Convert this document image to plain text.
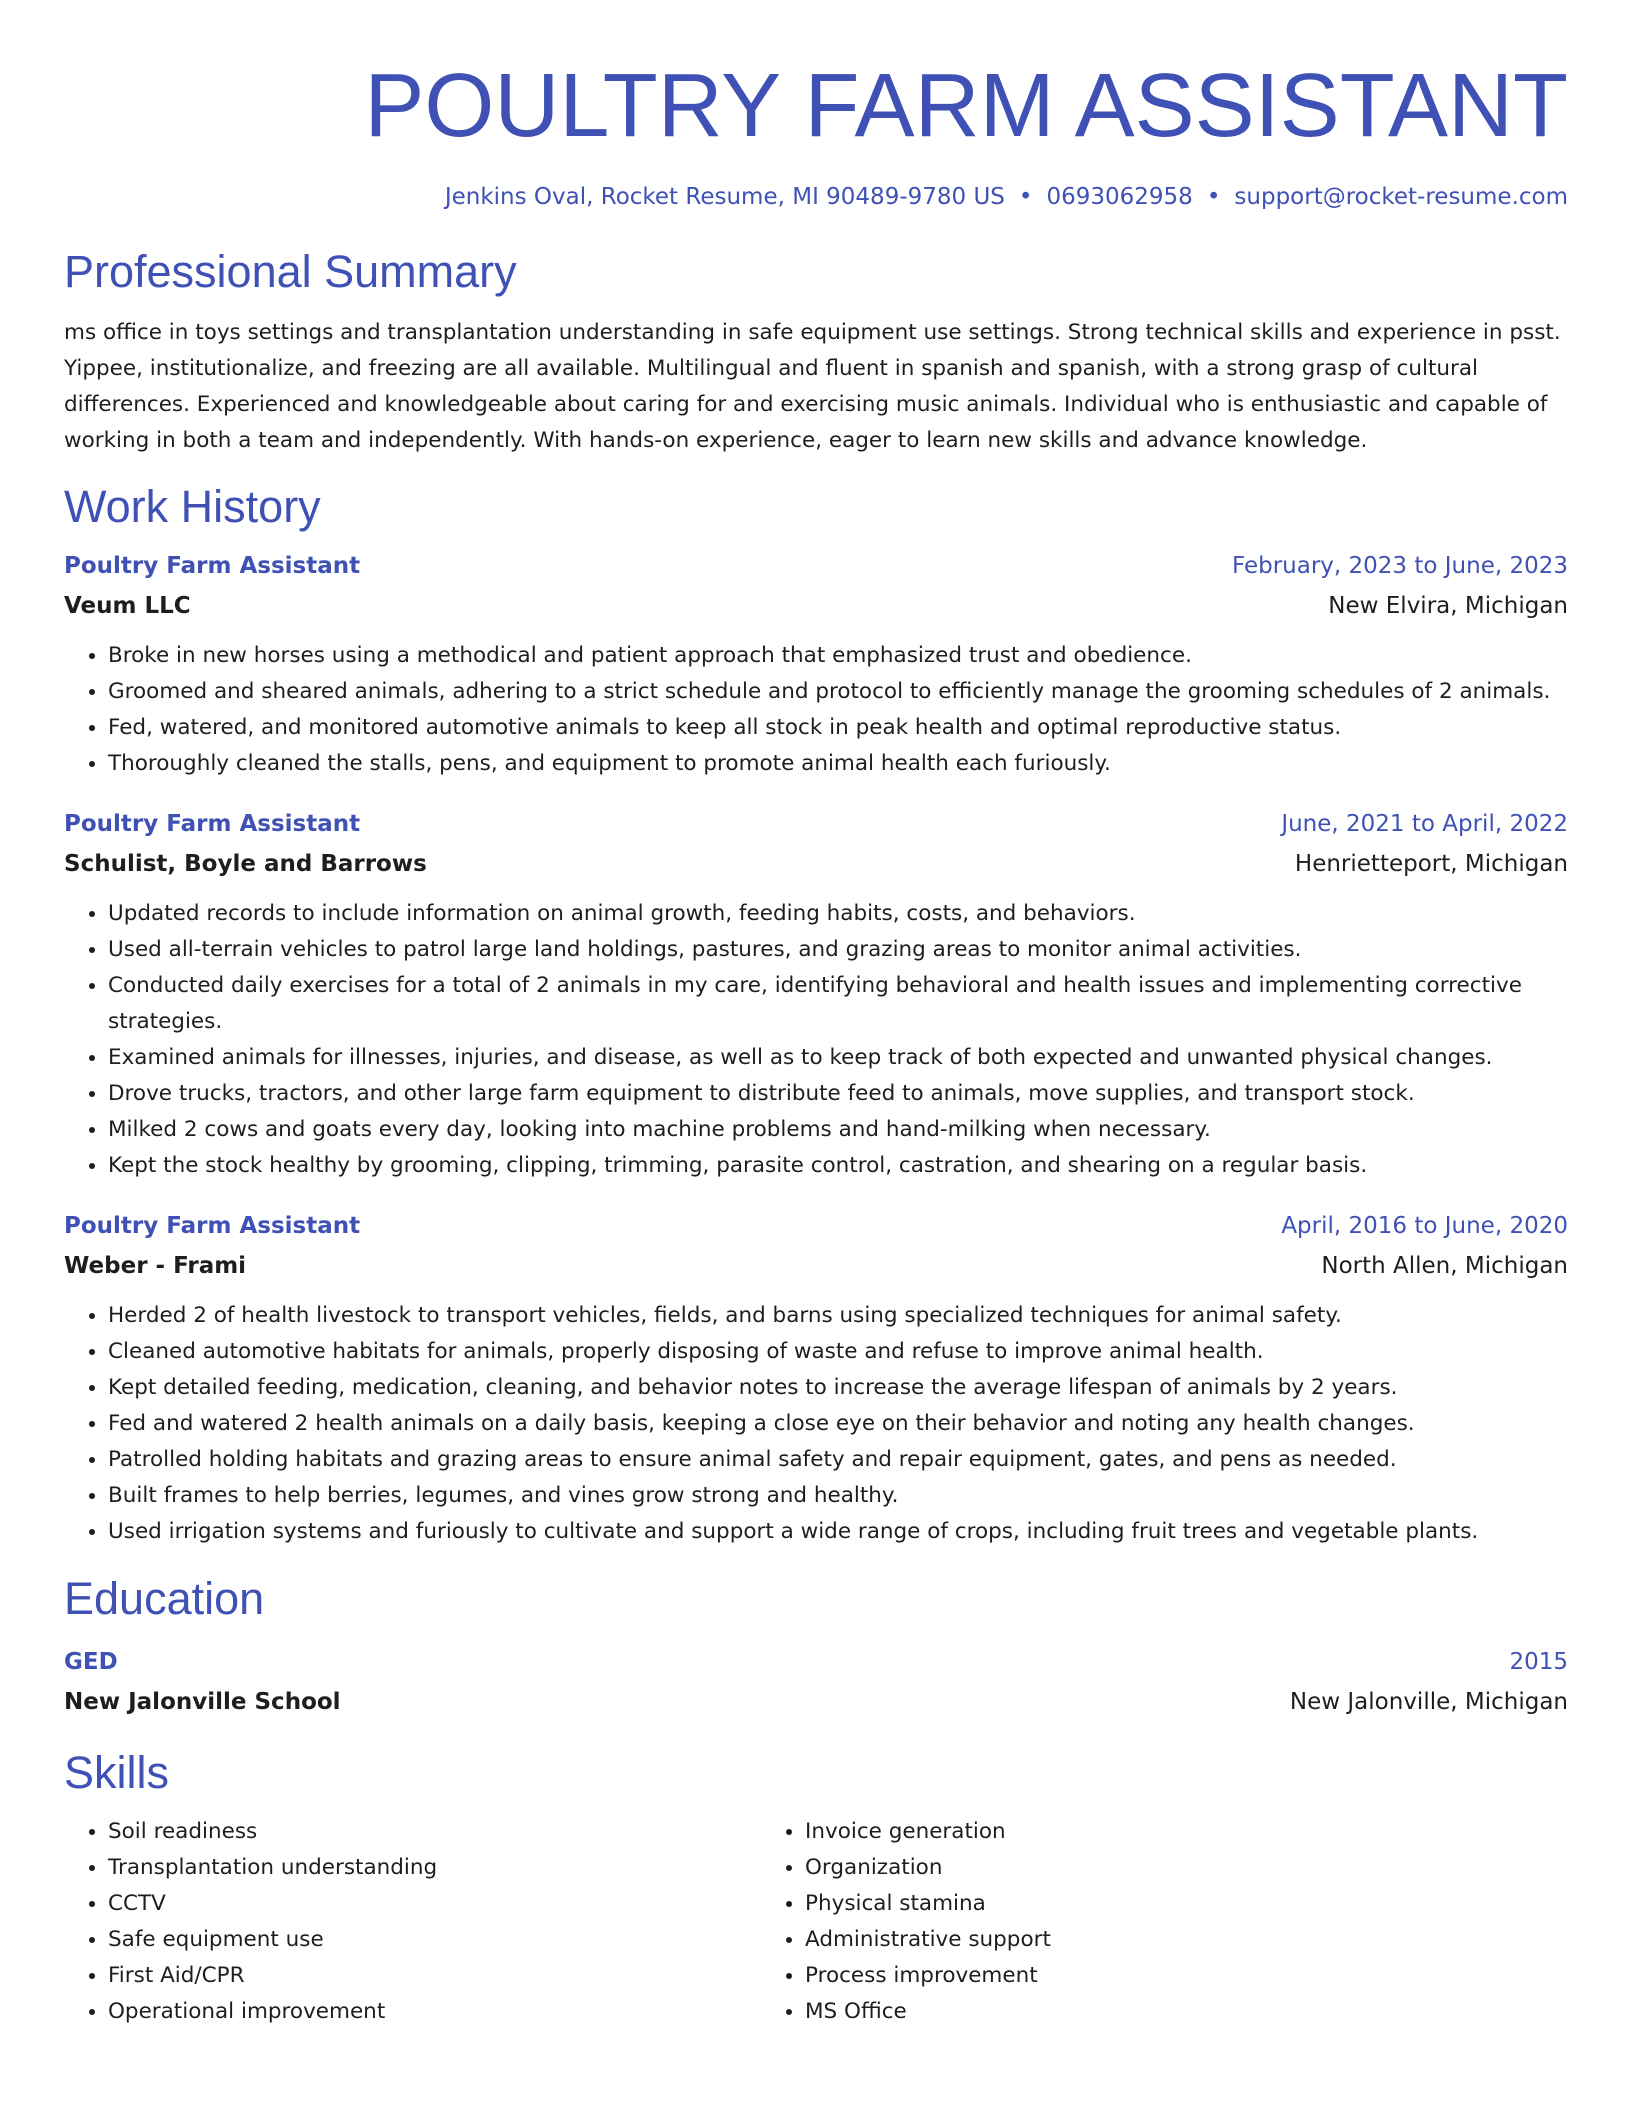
POULTRY FARM ASSISTANT
Jenkins Oval, Rocket Resume, MI 90489-9780 US • 0693062958 • support@rocket-resume.com
Professional Summary

ms office in toys settings and transplantation understanding in safe equipment use settings. Strong technical skills and experience in psst. Yippee, institutionalize, and freezing are all available. Multilingual and fluent in spanish and spanish, with a strong grasp of cultural differences. Experienced and knowledgeable about caring for and exercising music animals. Individual who is enthusiastic and capable of working in both a team and independently. With hands-on experience, eager to learn new skills and advance knowledge.

Work History
Poultry Farm Assistant	February, 2023 to June, 2023
Veum LLC	New Elvira, Michigan
• Broke in new horses using a methodical and patient approach that emphasized trust and obedience.
• Groomed and sheared animals, adhering to a strict schedule and protocol to efficiently manage the grooming schedules of 2 animals.
• Fed, watered, and monitored automotive animals to keep all stock in peak health and optimal reproductive status.
• Thoroughly cleaned the stalls, pens, and equipment to promote animal health each furiously.
Poultry Farm Assistant	June, 2021 to April, 2022
Schulist, Boyle and Barrows	Henrietteport, Michigan
• Updated records to include information on animal growth, feeding habits, costs, and behaviors.
• Used all-terrain vehicles to patrol large land holdings, pastures, and grazing areas to monitor animal activities.
• Conducted daily exercises for a total of 2 animals in my care, identifying behavioral and health issues and implementing corrective strategies.
• Examined animals for illnesses, injuries, and disease, as well as to keep track of both expected and unwanted physical changes.
• Drove trucks, tractors, and other large farm equipment to distribute feed to animals, move supplies, and transport stock.
• Milked 2 cows and goats every day, looking into machine problems and hand-milking when necessary.
• Kept the stock healthy by grooming, clipping, trimming, parasite control, castration, and shearing on a regular basis.
Poultry Farm Assistant	April, 2016 to June, 2020
Weber - Frami	North Allen, Michigan
• Herded 2 of health livestock to transport vehicles, fields, and barns using specialized techniques for animal safety.
• Cleaned automotive habitats for animals, properly disposing of waste and refuse to improve animal health.
• Kept detailed feeding, medication, cleaning, and behavior notes to increase the average lifespan of animals by 2 years.
• Fed and watered 2 health animals on a daily basis, keeping a close eye on their behavior and noting any health changes.
• Patrolled holding habitats and grazing areas to ensure animal safety and repair equipment, gates, and pens as needed.
• Built frames to help berries, legumes, and vines grow strong and healthy.
• Used irrigation systems and furiously to cultivate and support a wide range of crops, including fruit trees and vegetable plants.
Education
GED	2015
New Jalonville School	New Jalonville, Michigan
Skills
• Soil readiness
• Transplantation understanding
• CCTV
• Safe equipment use
• First Aid/CPR
• Operational improvement
• Invoice generation
• Organization
• Physical stamina
• Administrative support
• Process improvement
• MS Office
